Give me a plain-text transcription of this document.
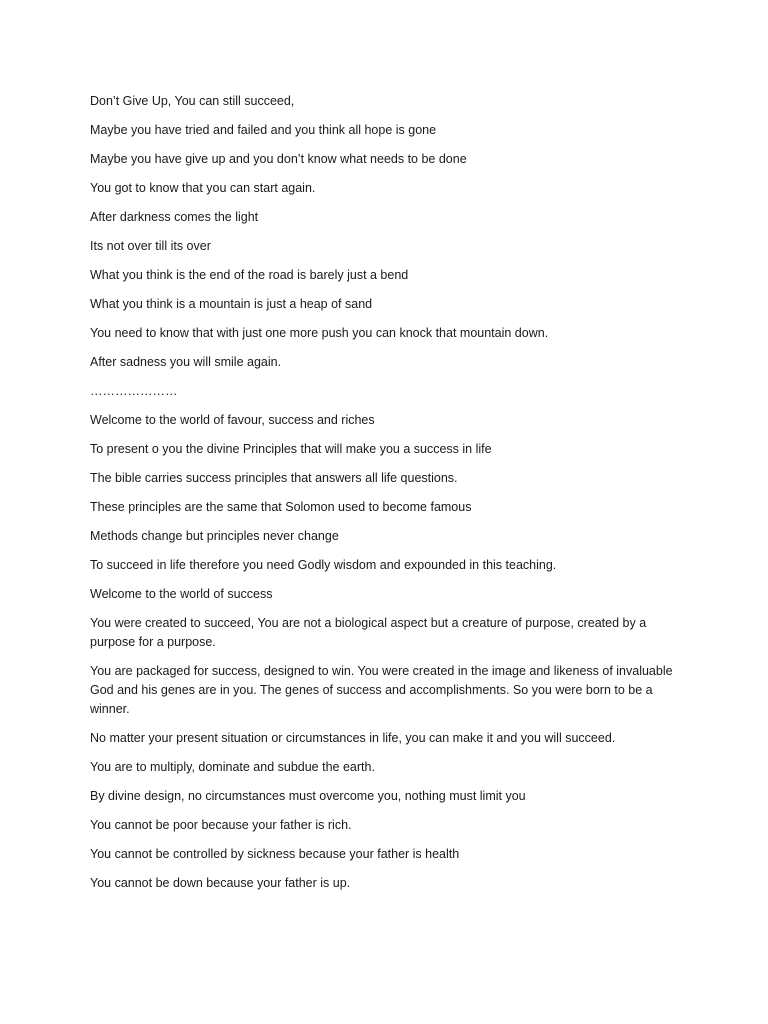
Don’t Give Up, You can still succeed,

Maybe you have tried and failed and you think all hope is gone

Maybe you have give up and you don’t know what needs to be done

You got to know that you can start again.

After darkness comes the light

Its not over till its over

What you think is the end of the road is barely just a bend

What you think is a mountain is just a heap of sand

You need to know that with just one more push you can knock that mountain down.

After sadness you will smile again.

…………………

Welcome to the world of favour, success and riches

To present o you the divine Principles that will make you a success in life

The bible carries success principles that answers all life questions.

These principles are the same that Solomon used to become famous

Methods change but principles never change

To succeed in life therefore you need Godly wisdom and expounded in this teaching.

Welcome to the world of success

You were created to succeed, You are not a biological aspect but a creature of purpose, created by a purpose for a purpose.

You are packaged for success, designed to win. You were created in the image and likeness of invaluable God and his genes are in you. The genes of success and accomplishments. So you were born to be a winner.

No matter your present situation or circumstances in life, you can make it and you will succeed.

You are to multiply, dominate and subdue the earth.

By divine design, no circumstances must overcome you, nothing must limit you

You cannot be poor because your father is rich.

You cannot be controlled by sickness because your father is health

You cannot be down because your father is up.
